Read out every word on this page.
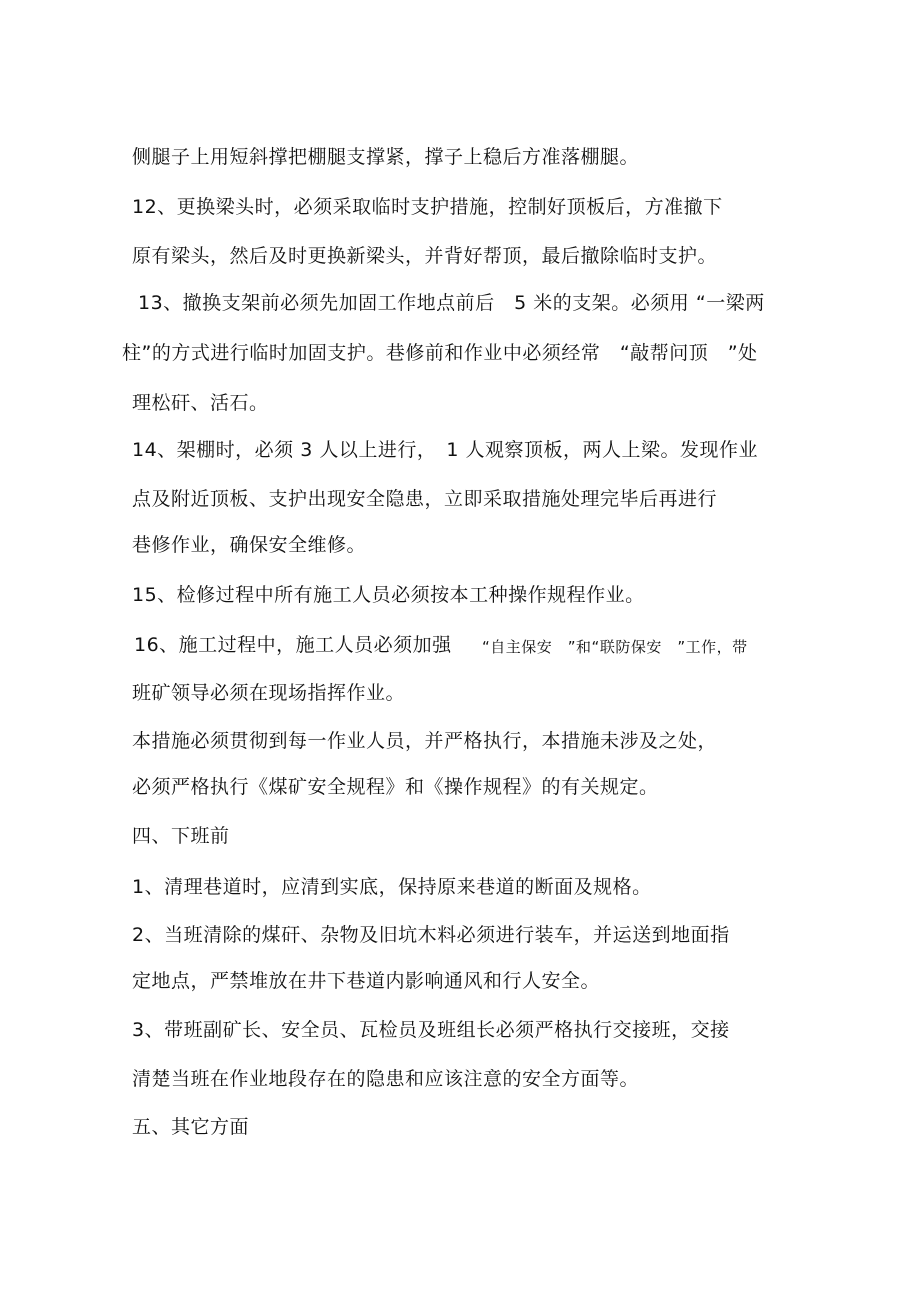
侧腿子上用短斜撑把棚腿支撑紧，撑子上稳后方准落棚腿。
12、更换梁头时，必须采取临时支护措施，控制好顶板后，方准撤下
原有梁头，然后及时更换新梁头，并背好帮顶，最后撤除临时支护。
13、撤换支架前必须先加固工作地点前后　5 米的支架。必须用 “一梁两
柱”的方式进行临时加固支护。巷修前和作业中必须经常　“敲帮问顶　”处
理松矸、活石。
14、架棚时，必须 3 人以上进行，　1 人观察顶板，两人上梁。发现作业
点及附近顶板、支护出现安全隐患，立即采取措施处理完毕后再进行
巷修作业，确保安全维修。
15、检修过程中所有施工人员必须按本工种操作规程作业。
16、施工过程中，施工人员必须加强 “自主保安　”和“联防保安　”工作，带
班矿领导必须在现场指挥作业。
本措施必须贯彻到每一作业人员，并严格执行，本措施未涉及之处，
必须严格执行《煤矿安全规程》和《操作规程》的有关规定。
四、下班前
1、清理巷道时，应清到实底，保持原来巷道的断面及规格。
2、当班清除的煤矸、杂物及旧坑木料必须进行装车，并运送到地面指
定地点，严禁堆放在井下巷道内影响通风和行人安全。
3、带班副矿长、安全员、瓦检员及班组长必须严格执行交接班，交接
清楚当班在作业地段存在的隐患和应该注意的安全方面等。
五、其它方面
